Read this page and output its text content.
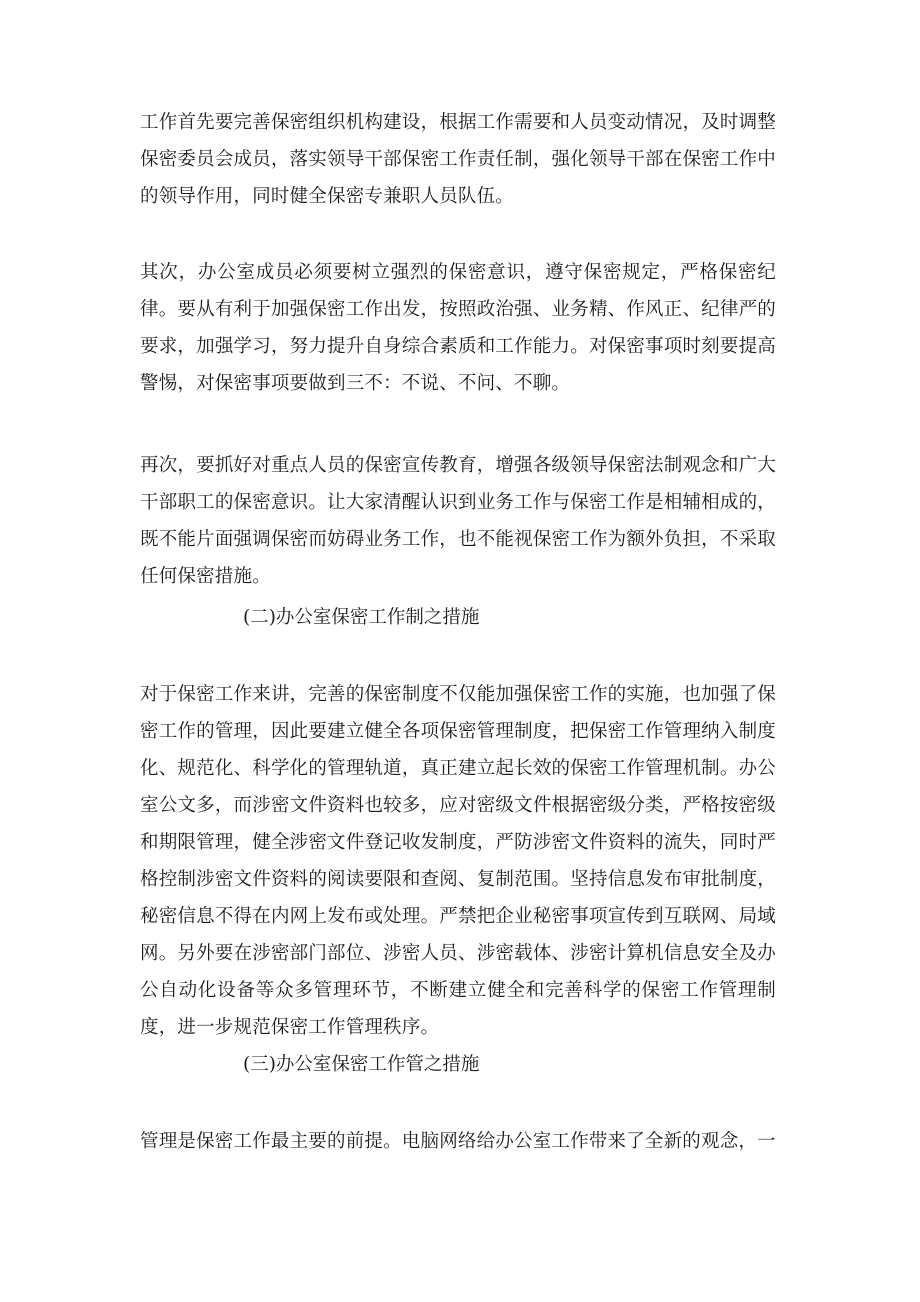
工作首先要完善保密组织机构建设，根据工作需要和人员变动情况，及时调整保密委员会成员，落实领导干部保密工作责任制，强化领导干部在保密工作中的领导作用，同时健全保密专兼职人员队伍。

其次，办公室成员必须要树立强烈的保密意识，遵守保密规定，严格保密纪律。要从有利于加强保密工作出发，按照政治强、业务精、作风正、纪律严的要求，加强学习，努力提升自身综合素质和工作能力。对保密事项时刻要提高警惕，对保密事项要做到三不：不说、不问、不聊。

再次，要抓好对重点人员的保密宣传教育，增强各级领导保密法制观念和广大干部职工的保密意识。让大家清醒认识到业务工作与保密工作是相辅相成的，既不能片面强调保密而妨碍业务工作，也不能视保密工作为额外负担，不采取任何保密措施。

(二)办公室保密工作制之措施

对于保密工作来讲，完善的保密制度不仅能加强保密工作的实施，也加强了保密工作的管理，因此要建立健全各项保密管理制度，把保密工作管理纳入制度化、规范化、科学化的管理轨道，真正建立起长效的保密工作管理机制。办公室公文多，而涉密文件资料也较多，应对密级文件根据密级分类，严格按密级和期限管理，健全涉密文件登记收发制度，严防涉密文件资料的流失，同时严格控制涉密文件资料的阅读要限和查阅、复制范围。坚持信息发布审批制度，秘密信息不得在内网上发布或处理。严禁把企业秘密事项宣传到互联网、局域网。另外要在涉密部门部位、涉密人员、涉密载体、涉密计算机信息安全及办公自动化设备等众多管理环节，不断建立健全和完善科学的保密工作管理制度，进一步规范保密工作管理秩序。

(三)办公室保密工作管之措施

管理是保密工作最主要的前提。电脑网络给办公室工作带来了全新的观念，一
